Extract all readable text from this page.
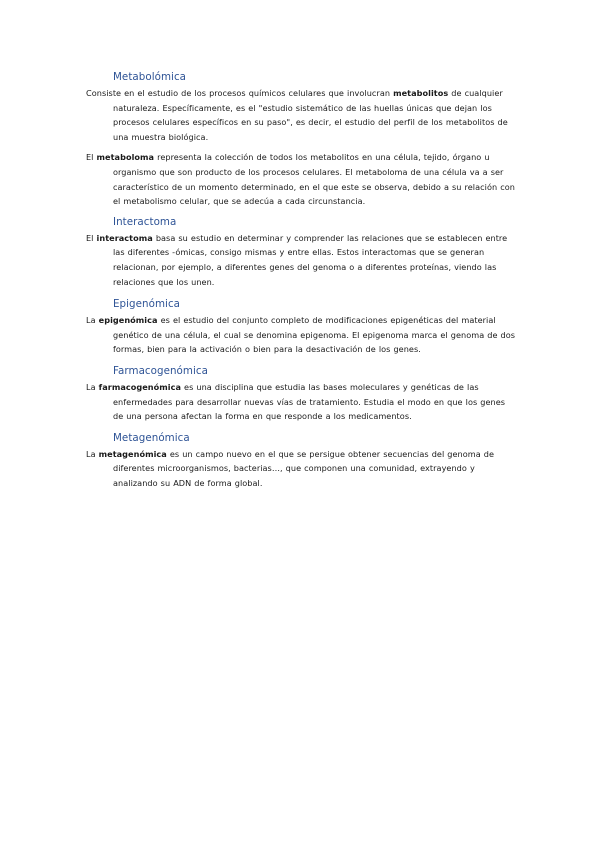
Metabolómica

Consiste en el estudio de los procesos químicos celulares que involucran metabolitos de cualquier naturaleza. Específicamente, es el "estudio sistemático de las huellas únicas que dejan los procesos celulares específicos en su paso", es decir, el estudio del perfil de los metabolitos de una muestra biológica.

El metaboloma representa la colección de todos los metabolitos en una célula, tejido, órgano u organismo que son producto de los procesos celulares. El metaboloma de una célula va a ser característico de un momento determinado, en el que este se observa, debido a su relación con el metabolismo celular, que se adecúa a cada circunstancia.

Interactoma

El interactoma basa su estudio en determinar y comprender las relaciones que se establecen entre las diferentes -ómicas, consigo mismas y entre ellas. Estos interactomas que se generan relacionan, por ejemplo, a diferentes genes del genoma o a diferentes proteínas, viendo las relaciones que los unen.

Epigenómica

La epigenómica es el estudio del conjunto completo de modificaciones epigenéticas del material genético de una célula, el cual se denomina epigenoma. El epigenoma marca el genoma de dos formas, bien para la activación o bien para la desactivación de los genes.

Farmacogenómica

La farmacogenómica es una disciplina que estudia las bases moleculares y genéticas de las enfermedades para desarrollar nuevas vías de tratamiento. Estudia el modo en que los genes de una persona afectan la forma en que responde a los medicamentos.

Metagenómica

La metagenómica es un campo nuevo en el que se persigue obtener secuencias del genoma de diferentes microorganismos, bacterias…, que componen una comunidad, extrayendo y analizando su ADN de forma global.
